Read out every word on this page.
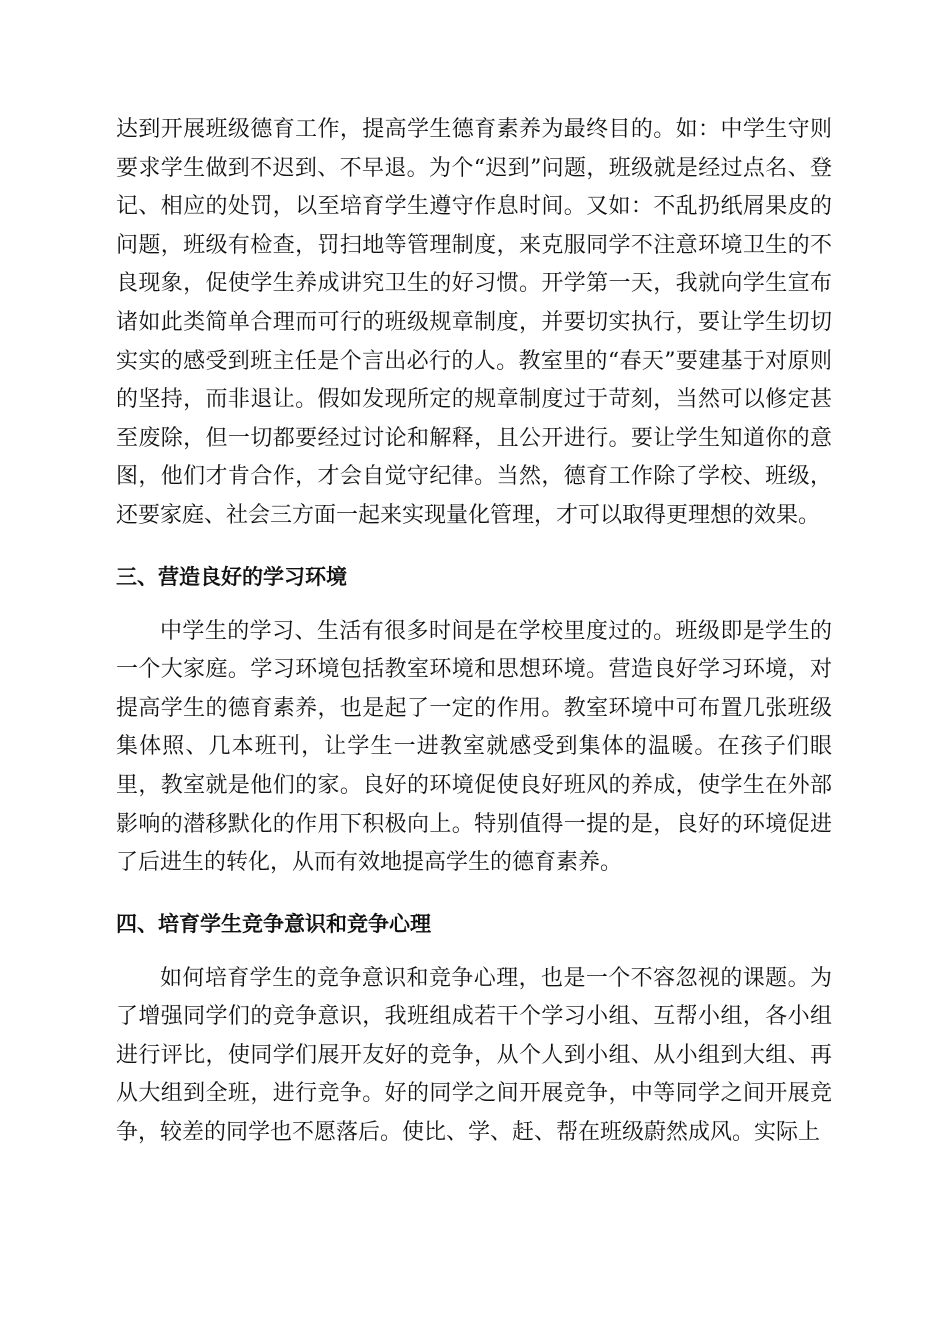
达到开展班级德育工作，提高学生德育素养为最终目的。如：中学生守则要求学生做到不迟到、不早退。为个“迟到”问题，班级就是经过点名、登记、相应的处罚，以至培育学生遵守作息时间。又如：不乱扔纸屑果皮的问题，班级有检查，罚扫地等管理制度，来克服同学不注意环境卫生的不良现象，促使学生养成讲究卫生的好习惯。开学第一天，我就向学生宣布诸如此类简单合理而可行的班级规章制度，并要切实执行，要让学生切切实实的感受到班主任是个言出必行的人。教室里的“春天”要建基于对原则的坚持，而非退让。假如发现所定的规章制度过于苛刻，当然可以修定甚至废除，但一切都要经过讨论和解释，且公开进行。要让学生知道你的意图，他们才肯合作，才会自觉守纪律。当然，德育工作除了学校、班级，还要家庭、社会三方面一起来实现量化管理，才可以取得更理想的效果。

三、营造良好的学习环境

中学生的学习、生活有很多时间是在学校里度过的。班级即是学生的一个大家庭。学习环境包括教室环境和思想环境。营造良好学习环境，对提高学生的德育素养，也是起了一定的作用。教室环境中可布置几张班级集体照、几本班刊，让学生一进教室就感受到集体的温暖。在孩子们眼里，教室就是他们的家。良好的环境促使良好班风的养成，使学生在外部影响的潜移默化的作用下积极向上。特别值得一提的是，良好的环境促进了后进生的转化，从而有效地提高学生的德育素养。

四、培育学生竞争意识和竞争心理

如何培育学生的竞争意识和竞争心理，也是一个不容忽视的课题。为了增强同学们的竞争意识，我班组成若干个学习小组、互帮小组，各小组进行评比，使同学们展开友好的竞争，从个人到小组、从小组到大组、再从大组到全班，进行竞争。好的同学之间开展竞争，中等同学之间开展竞争，较差的同学也不愿落后。使比、学、赶、帮在班级蔚然成风。实际上
